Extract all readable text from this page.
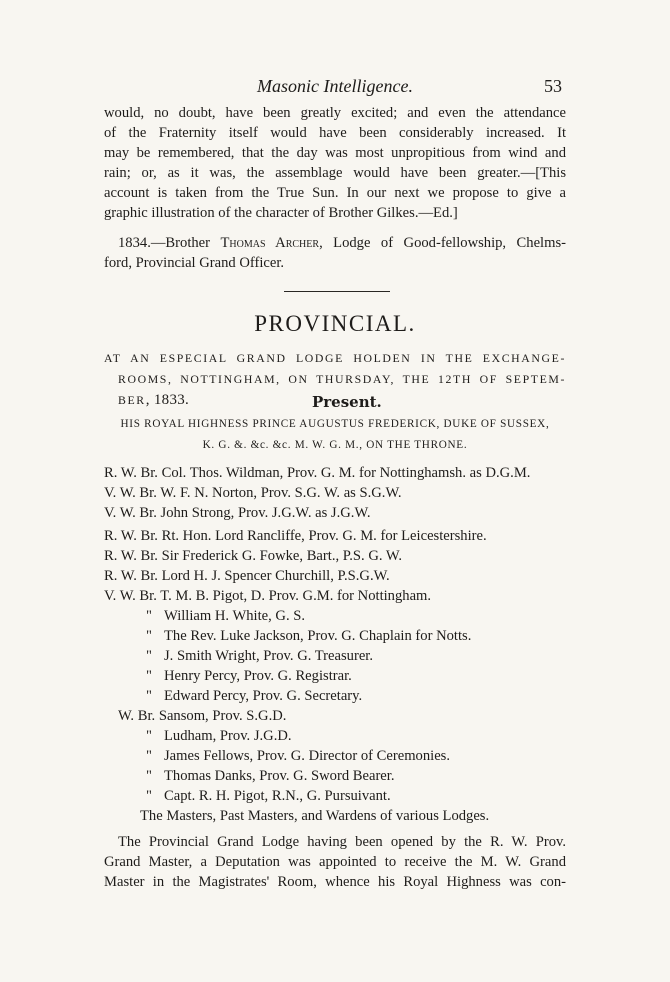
Masonic Intelligence.	53
would, no doubt, have been greatly excited; and even the attendance
of the Fraternity itself would have been considerably increased. It
may be remembered, that the day was most unpropitious from wind and
rain; or, as it was, the assemblage would have been greater.—[This
account is taken from the True Sun. In our next we propose to give a
graphic illustration of the character of Brother Gilkes.—Ed.]
1834.—Brother Thomas Archer, Lodge of Good-fellowship, Chelms-
ford, Provincial Grand Officer.
PROVINCIAL.
AT AN ESPECIAL GRAND LODGE HOLDEN IN THE EXCHANGE-
ROOMS, NOTTINGHAM, ON THURSDAY, THE 12TH OF SEPTEM-
BER, 1833.	Present.
HIS ROYAL HIGHNESS PRINCE AUGUSTUS FREDERICK, DUKE OF SUSSEX,
K. G. &. &c. &c. M. W. G. M., ON THE THRONE.
R. W. Br. Col. Thos. Wildman, Prov. G. M. for Nottinghamsh. as D.G.M.
V. W. Br. W. F. N. Norton, Prov. S.G. W. as S.G.W.
V. W. Br. John Strong, Prov. J.G.W. as J.G.W.
R. W. Br. Rt. Hon. Lord Rancliffe, Prov. G. M. for Leicestershire.
R. W. Br. Sir Frederick G. Fowke, Bart., P.S. G. W.
R. W. Br. Lord H. J. Spencer Churchill, P.S.G.W.
V. W. Br. T. M. B. Pigot, D. Prov. G.M. for Nottingham.
" William H. White, G. S.
" The Rev. Luke Jackson, Prov. G. Chaplain for Notts.
" J. Smith Wright, Prov. G. Treasurer.
" Henry Percy, Prov. G. Registrar.
" Edward Percy, Prov. G. Secretary.
W. Br. Sansom, Prov. S.G.D.
" Ludham, Prov. J.G.D.
" James Fellows, Prov. G. Director of Ceremonies.
" Thomas Danks, Prov. G. Sword Bearer.
" Capt. R. H. Pigot, R.N., G. Pursuivant.
The Masters, Past Masters, and Wardens of various Lodges.
The Provincial Grand Lodge having been opened by the R. W. Prov.
Grand Master, a Deputation was appointed to receive the M. W. Grand
Master in the Magistrates' Room, whence his Royal Highness was con-
